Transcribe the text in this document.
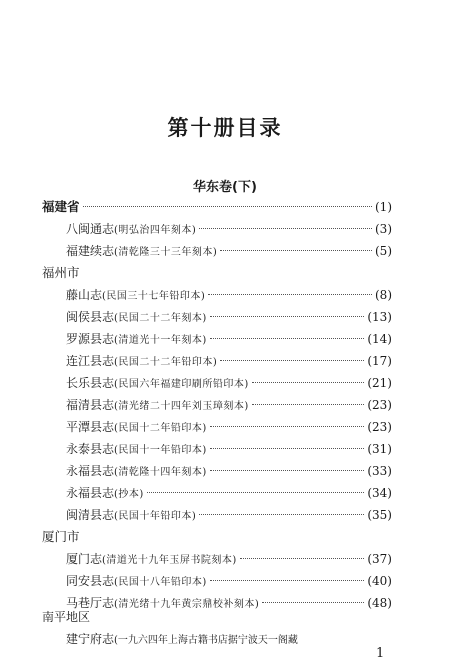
第十册目录
华东卷(下)
福建省	(1)
八闽通志(明弘治四年刻本)	(3)
福建续志(清乾隆三十三年刻本)	(5)
福州市
藤山志(民国三十七年铅印本)	(8)
闽侯县志(民国二十二年刻本)	(13)
罗源县志(清道光十一年刻本)	(14)
连江县志(民国二十二年铅印本)	(17)
长乐县志(民国六年福建印刷所铅印本)	(21)
福清县志(清光绪二十四年刘玉璋刻本)	(23)
平潭县志(民国十二年铅印本)	(23)
永泰县志(民国十一年铅印本)	(31)
永福县志(清乾隆十四年刻本)	(33)
永福县志(抄本)	(34)
闽清县志(民国十年铅印本)	(35)
厦门市
厦门志(清道光十九年玉屏书院刻本)	(37)
同安县志(民国十八年铅印本)	(40)
马巷厅志(清光绪十九年黄宗鼎校补刻本)	(48)
南平地区
建宁府志(一九六四年上海古籍书店据宁波天一阁藏
1
